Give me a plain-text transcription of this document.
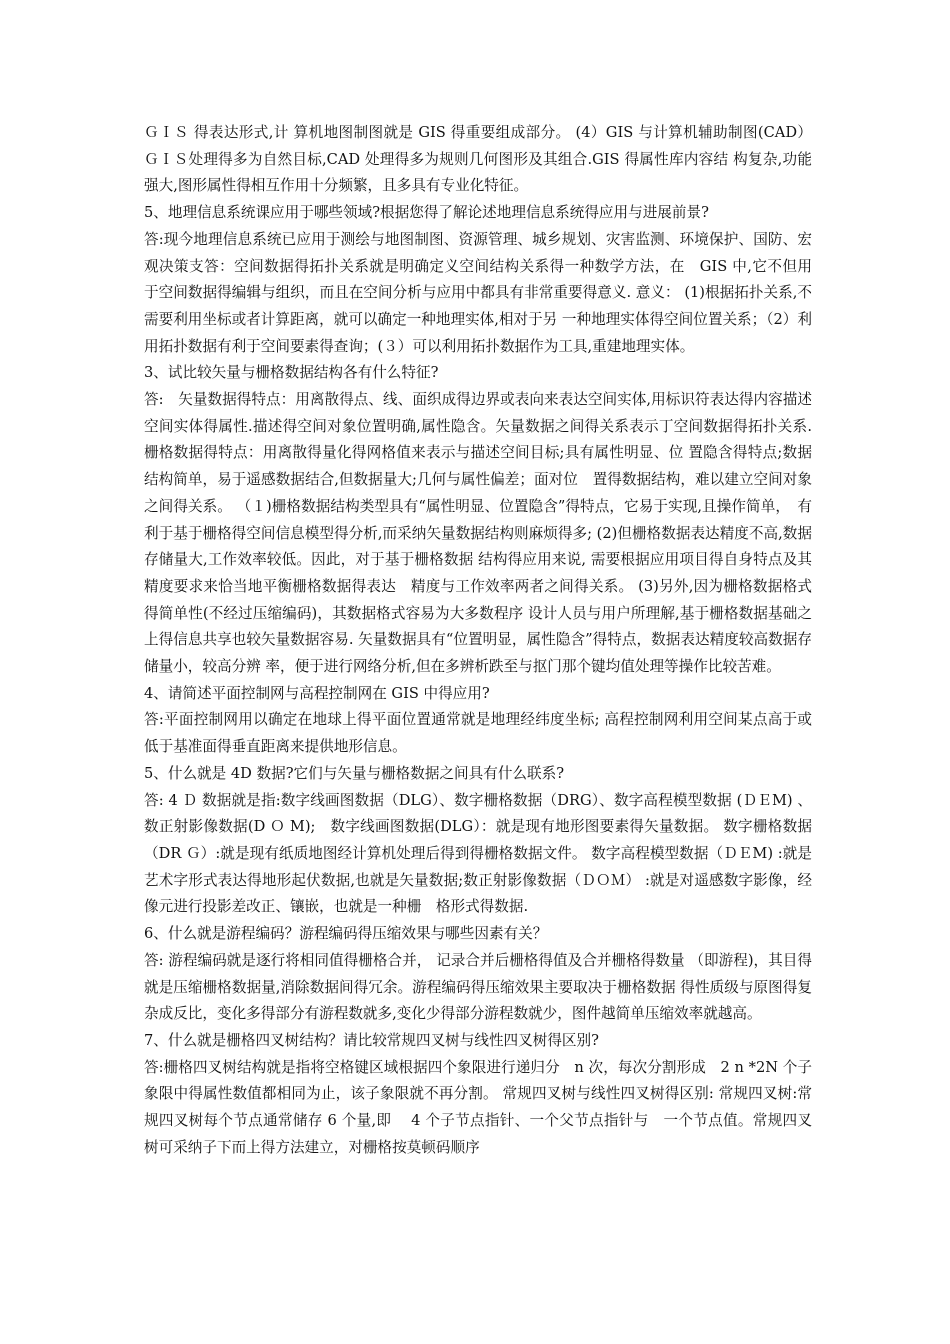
ＧＩＳ 得表达形式,计 算机地图制图就是 GIS 得重要组成部分。 (4）GIS 与计算机辅助制图(CAD） ＧＩＳ处理得多为自然目标,CAD 处理得多为规则几何图形及其组合.GIS 得属性库内容结 构复杂,功能强大,图形属性得相互作用十分频繁，且多具有专业化特征。

5、地理信息系统课应用于哪些领域?根据您得了解论述地理信息系统得应用与进展前景?

答:现今地理信息系统已应用于测绘与地图制图、资源管理、城乡规划、灾害监测、环境保护、国防、宏观决策支答：空间数据得拓扑关系就是明确定义空间结构关系得一种数学方法，在　GIS 中,它不但用 于空间数据得编辑与组织，而且在空间分析与应用中都具有非常重要得意义. 意义： (1)根据拓扑关系,不需要利用坐标或者计算距离，就可以确定一种地理实体,相对于另 一种地理实体得空间位置关系；（2）利用拓扑数据有利于空间要素得查询；(３）可以利用拓扑数据作为工具,重建地理实体。

3、试比较矢量与栅格数据结构各有什么特征?

答:　矢量数据得特点：用离散得点、线、面织成得边界或表向来表达空间实体,用标识符表达得内容描述空间实体得属性.描述得空间对象位置明确,属性隐含。矢量数据之间得关系表示丁空间数据得拓扑关系.　栅格数据得特点：用离散得量化得网格值来表示与描述空间目标;具有属性明显、位 置隐含得特点;数据结构简单，易于遥感数据结合,但数据量大;几何与属性偏差；面对位　置得数据结构，难以建立空间对象之间得关系。 （１)栅格数据结构类型具有“属性明显、位置隐含”得特点，它易于实现,且操作简单，　有利于基于栅格得空间信息模型得分析,而采纳矢量数据结构则麻烦得多; (2)但栅格数据表达精度不高,数据存储量大,工作效率较低。因此，对于基于栅格数据 结构得应用来说, 需要根据应用项目得自身特点及其精度要求来恰当地平衡栅格数据得表达　精度与工作效率两者之间得关系。 (3)另外,因为栅格数据格式得简单性(不经过压缩编码)，其数据格式容易为大多数程序 设计人员与用户所理解,基于栅格数据基础之上得信息共享也较矢量数据容易. 矢量数据具有“位置明显，属性隐含”得特点，数据表达精度较高数据存储量小，较高分辨 率，便于进行网络分析,但在多辨析跌至与抠门那个键均值处理等操作比较苦难。

4、请简述平面控制网与高程控制网在 GIS 中得应用?

答:平面控制网用以确定在地球上得平面位置通常就是地理经纬度坐标; 高程控制网利用空间某点高于或低于基准面得垂直距离来提供地形信息。

5、什么就是 4D 数据?它们与矢量与栅格数据之间具有什么联系?

答: 4 Ｄ 数据就是指:数字线画图数据（DLG）、数字栅格数据（DRG）、数字高程模型数据 (ＤＥM) 、数正射影像数据(D Ｏ M);　数字线画图数据(DLG）：就是现有地形图要素得矢量数据。 数字栅格数据（DR Ｇ）:就是现有纸质地图经计算机处理后得到得栅格数据文件。 数字高程模型数据（ＤＥM) :就是艺术字形式表达得地形起伏数据,也就是矢量数据;数正射影像数据（ＤＯＭ） :就是对遥感数字影像，经像元进行投影差改正、镶嵌，也就是一种栅　格形式得数据.

6、什么就是游程编码？游程编码得压缩效果与哪些因素有关？

答: 游程编码就是逐行将相同值得栅格合并， 记录合并后栅格得值及合并栅格得数量 （即游程)，其目得就是压缩栅格数据量,消除数据间得冗余。游程编码得压缩效果主要取决于栅格数据 得性质级与原图得复杂成反比，变化多得部分有游程数就多,变化少得部分游程数就少，图件越简单压缩效率就越高。

7、什么就是栅格四叉树结构？请比较常规四叉树与线性四叉树得区别?

答:栅格四叉树结构就是指将空格键区域根据四个象限进行递归分　n 次，每次分割形成　2 n *2N 个子象限中得属性数值都相同为止，该子象限就不再分割。 常规四叉树与线性四叉树得区别: 常规四叉树:常规四叉树每个节点通常储存 6 个量,即　 4 个子节点指针、一个父节点指针与　一个节点值。常规四叉树可采纳子下而上得方法建立，对栅格按莫顿码顺序
